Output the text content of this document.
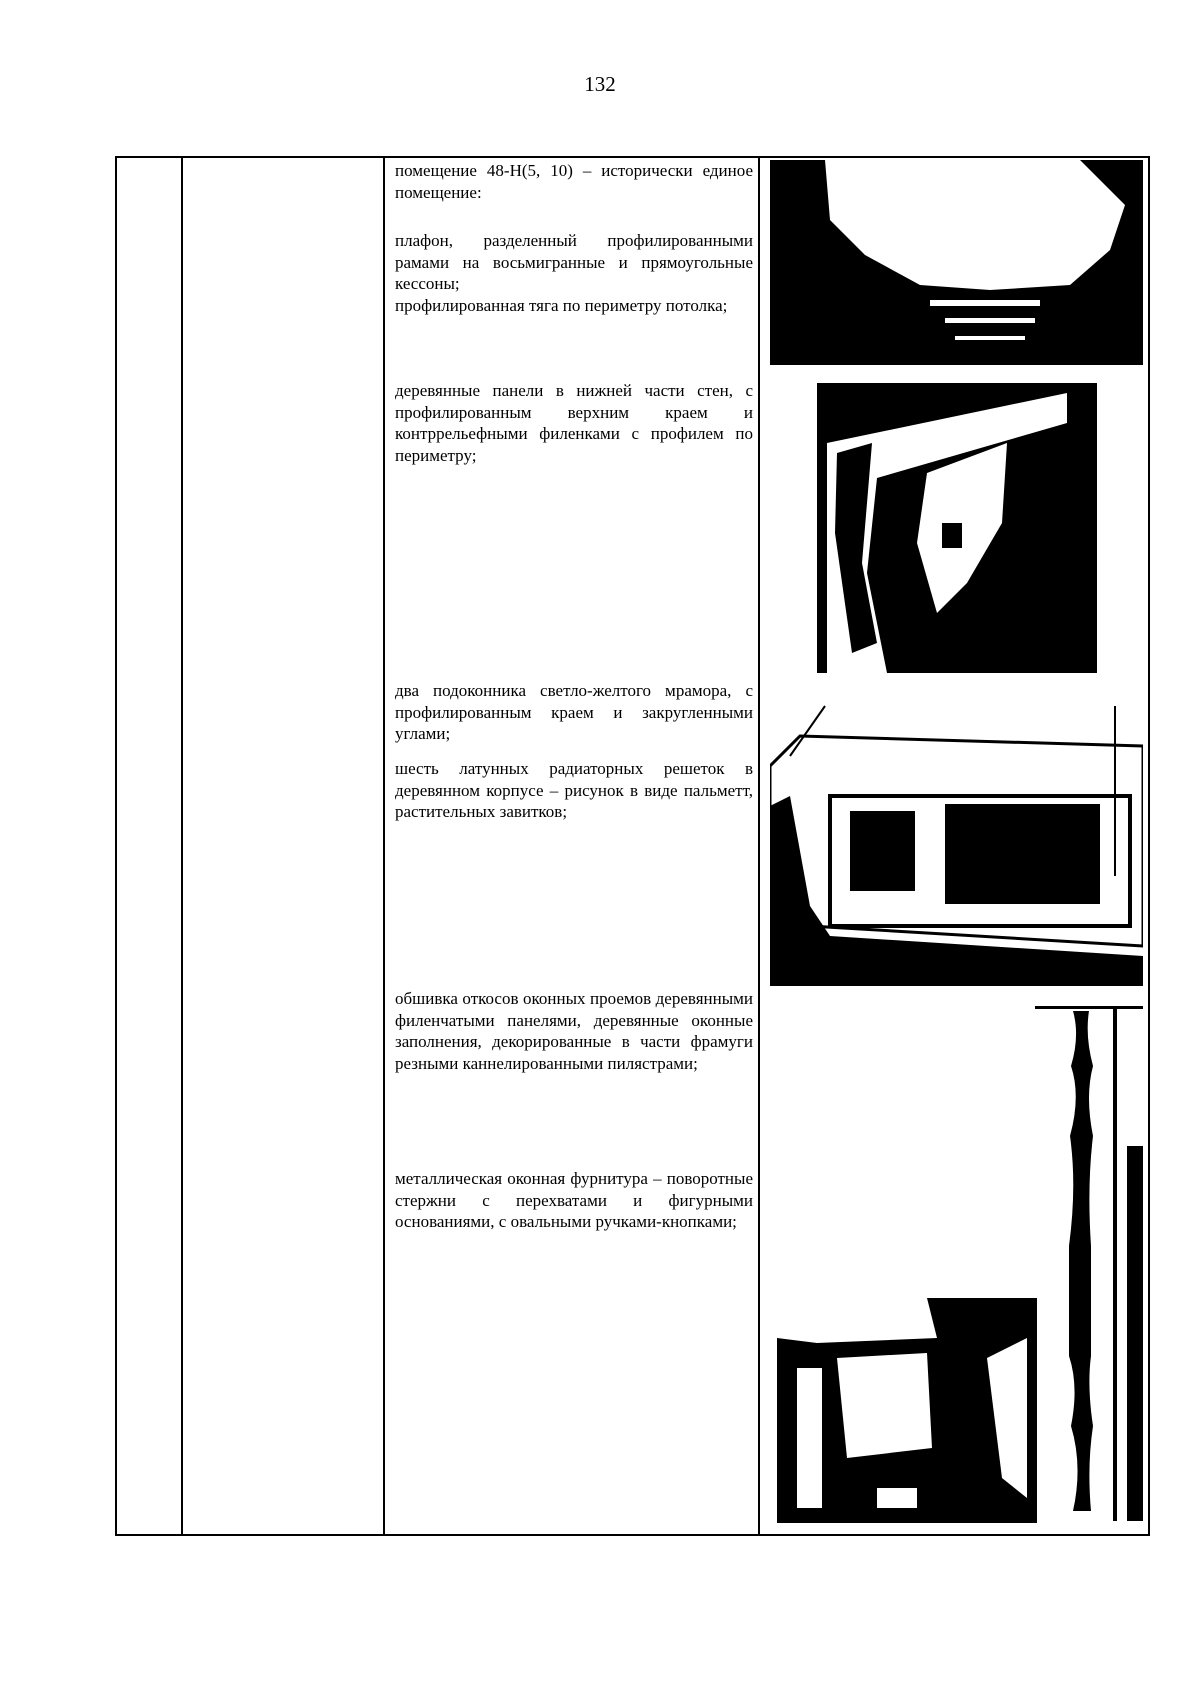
132

помещение 48-Н(5, 10) – исторически единое помещение:

плафон, разделенный профилированными рамами на восьмигранные и прямоугольные кессоны;

профилированная тяга по периметру потолка;

деревянные панели в нижней части стен, с профилированным верхним краем и контррельефными филенками с профилем по периметру;

два подоконника светло-желтого мрамора, с профилированным краем и закругленными углами;

шесть латунных радиаторных решеток в деревянном корпусе – рисунок в виде пальметт, растительных завитков;

обшивка откосов оконных проемов деревянными филенчатыми панелями, деревянные оконные заполнения, декорированные в части фрамуги резными каннелированными пилястрами;

металлическая оконная фурнитура – поворотные стержни с перехватами и фигурными основаниями, с овальными ручками-кнопками;
